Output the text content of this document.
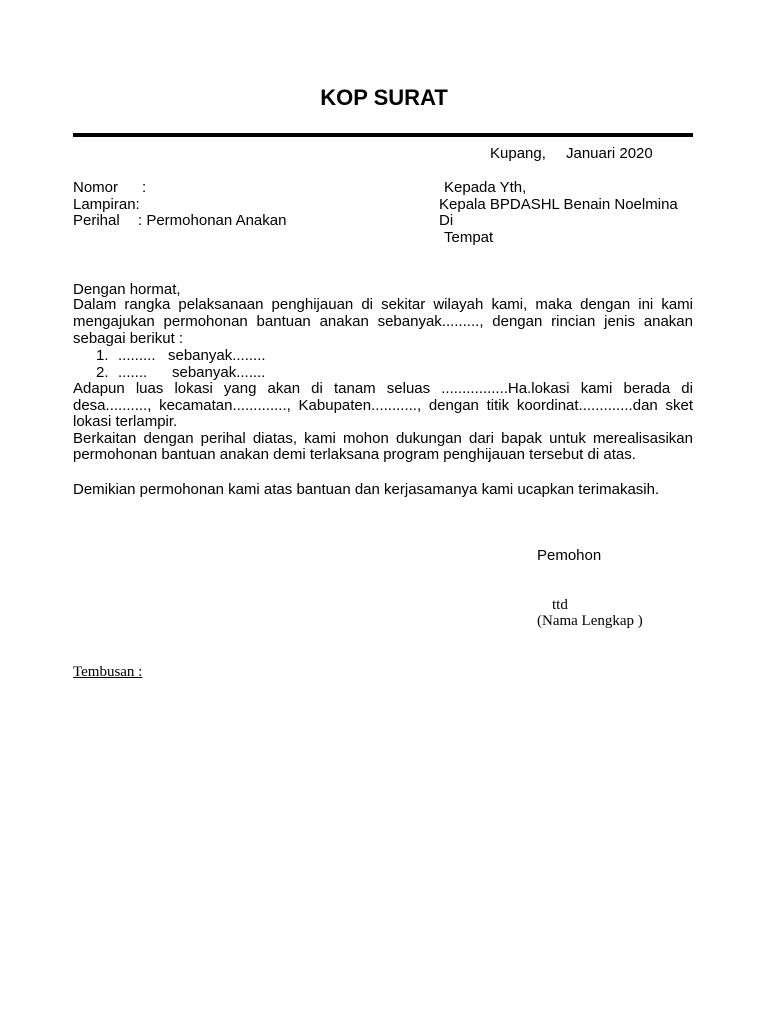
KOP SURAT
Kupang, Januari 2020
Nomor :
Lampiran:
Perihal : Permohonan Anakan
Kepada Yth,
Kepala BPDASHL Benain Noelmina
Di
Tempat
Dengan hormat,
Dalam rangka pelaksanaan penghijauan di sekitar wilayah kami, maka dengan ini kami
mengajukan permohonan bantuan anakan sebanyak........., dengan rincian jenis anakan
sebagai berikut :
1. ......... sebanyak........
2. ....... sebanyak.......
Adapun luas lokasi yang akan di tanam seluas ................Ha.lokasi kami berada di
desa.........., kecamatan............., Kabupaten..........., dengan titik koordinat.............dan sket
lokasi terlampir.
Berkaitan dengan perihal diatas, kami mohon dukungan dari bapak untuk merealisasikan
permohonan bantuan anakan demi terlaksana program penghijauan tersebut di atas.
Demikian permohonan kami atas bantuan dan kerjasamanya kami ucapkan terimakasih.
Pemohon
ttd
(Nama Lengkap )
Tembusan :
